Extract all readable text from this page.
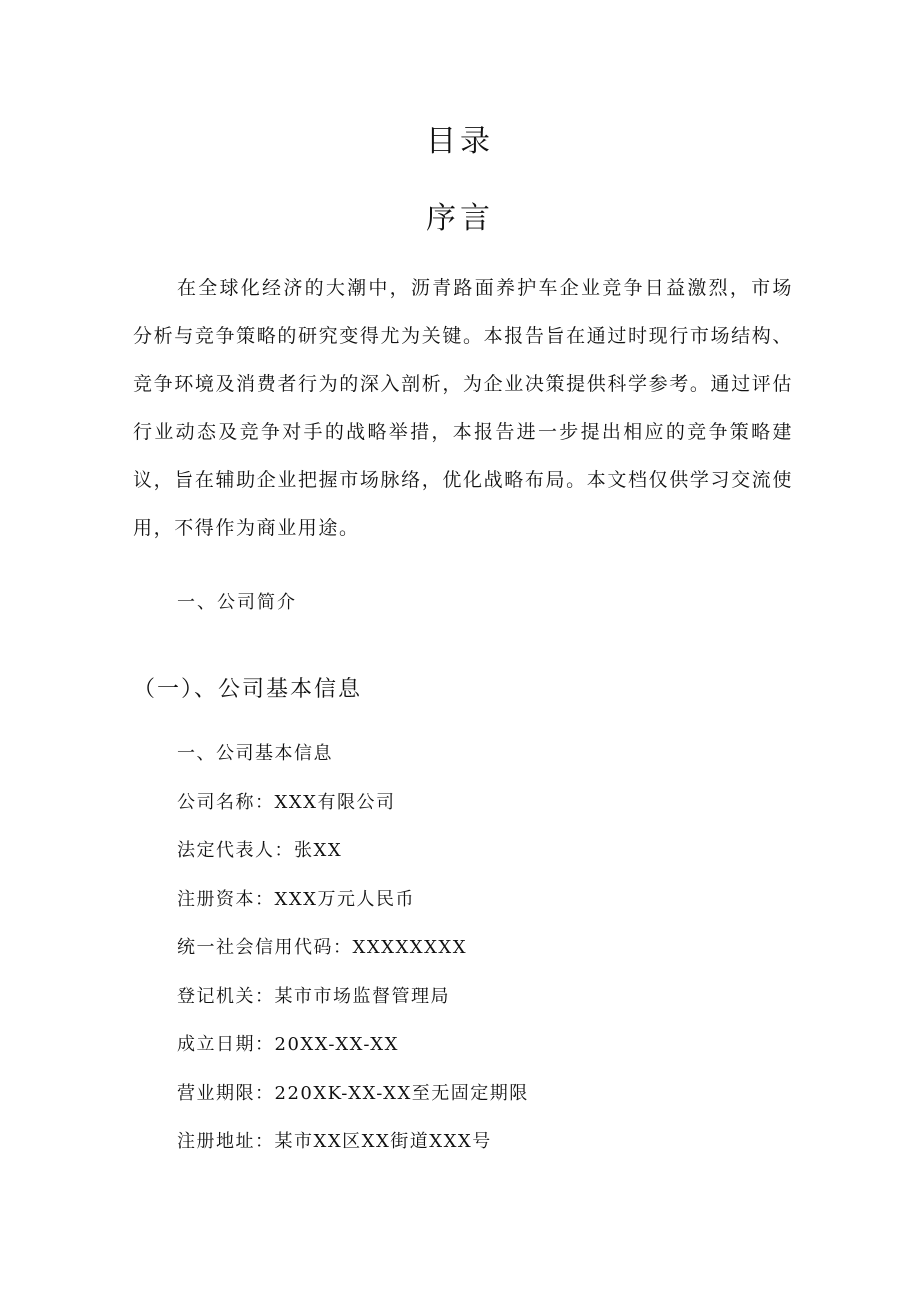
目录
序言

在全球化经济的大潮中，沥青路面养护车企业竞争日益激烈，市场分析与竞争策略的研究变得尤为关键。本报告旨在通过时现行市场结构、竞争环境及消费者行为的深入剖析，为企业决策提供科学参考。通过评估行业动态及竞争对手的战略举措，本报告进一步提出相应的竞争策略建议，旨在辅助企业把握市场脉络，优化战略布局。本文档仅供学习交流使用，不得作为商业用途。

一、公司简介
（一）、公司基本信息
一、公司基本信息
公司名称：XXX有限公司
法定代表人：张XX
注册资本：XXX万元人民币
统一社会信用代码：XXXXXXXX
登记机关：某市市场监督管理局
成立日期：20XX-XX-XX
营业期限：220XK-XX-XX至无固定期限
注册地址：某市XX区XX街道XXX号
